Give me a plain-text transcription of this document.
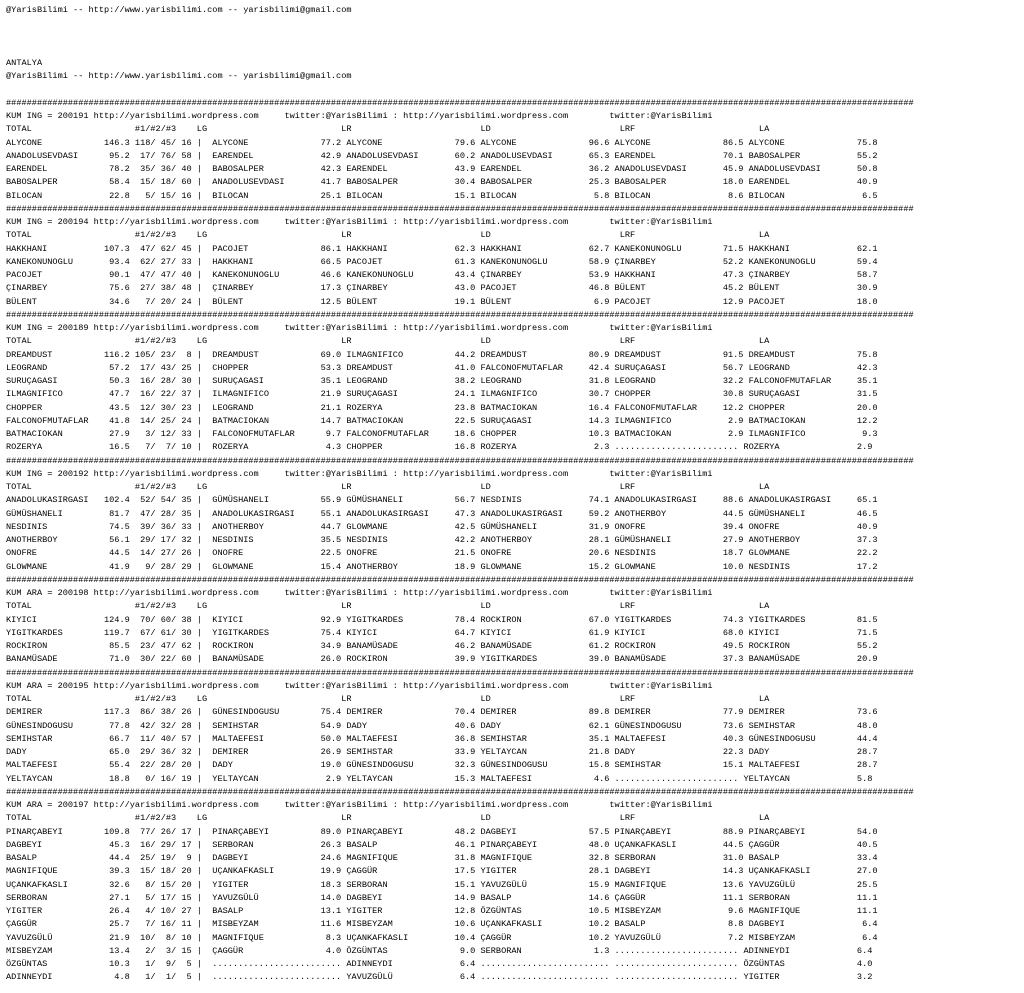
@YarisBilimi -- http://www.yarisbilimi.com -- yarisbilimi@gmail.com
ANTALYA
@YarisBilimi -- http://www.yarisbilimi.com -- yarisbilimi@gmail.com
################################################################################################################################################################################
KUM ING = 200191 http://yarisbilimi.wordpress.com     twitter:@YarisBilimi : http://yarisbilimi.wordpress.com        twitter:@YarisBilimi
TOTAL                    #1/#2/#3    LG                          LR                         LD                         LRF                        LA
ALYCONE            146.3 118/ 45/ 16 |  ALYCONE              77.2 ALYCONE              79.6 ALYCONE              96.6 ALYCONE              86.5 ALYCONE              75.8
ANADOLUSEVDASI      95.2  17/ 76/ 58 |  EARENDEL             42.9 ANADOLUSEVDASI       60.2 ANADOLUSEVDASI       65.3 EARENDEL             70.1 BABOSALPER           55.2
EARENDEL            78.2  35/ 36/ 40 |  BABOSALPER           42.3 EARENDEL             43.9 EARENDEL             36.2 ANADOLUSEVDASI       45.9 ANADOLUSEVDASI       50.8
BABOSALPER          58.4  15/ 18/ 60 |  ANADOLUSEVDASI       41.7 BABOSALPER           30.4 BABOSALPER           25.3 BABOSALPER           18.0 EARENDEL             40.9
BILOCAN             22.8   5/ 15/ 16 |  BILOCAN              25.1 BILOCAN              15.1 BILOCAN               5.8 BILOCAN               8.6 BILOCAN               6.5
################################################################################################################################################################################
KUM ING = 200194 http://yarisbilimi.wordpress.com     twitter:@YarisBilimi : http://yarisbilimi.wordpress.com        twitter:@YarisBilimi
TOTAL                    #1/#2/#3    LG                          LR                         LD                         LRF                        LA
HAKKHANI           107.3  47/ 62/ 45 |  PACOJET              86.1 HAKKHANI             62.3 HAKKHANI             62.7 KANEKONUNOGLU        71.5 HAKKHANI             62.1
KANEKONUNOGLU       93.4  62/ 27/ 33 |  HAKKHANI             66.5 PACOJET              61.3 KANEKONUNOGLU        58.9 ÇINARBEY             52.2 KANEKONUNOGLU        59.4
PACOJET             90.1  47/ 47/ 40 |  KANEKONUNOGLU        46.6 KANEKONUNOGLU        43.4 ÇINARBEY             53.9 HAKKHANI             47.3 ÇINARBEY             58.7
ÇINARBEY            75.6  27/ 38/ 48 |  ÇINARBEY             17.3 ÇINARBEY             43.0 PACOJET              46.8 BÜLENT               45.2 BÜLENT               30.9
BÜLENT              34.6   7/ 20/ 24 |  BÜLENT               12.5 BÜLENT               19.1 BÜLENT                6.9 PACOJET              12.9 PACOJET              18.0
################################################################################################################################################################################
KUM ING = 200189 http://yarisbilimi.wordpress.com     twitter:@YarisBilimi : http://yarisbilimi.wordpress.com        twitter:@YarisBilimi
TOTAL                    #1/#2/#3    LG                          LR                         LD                         LRF                        LA
DREAMDUST          116.2 105/ 23/  8 |  DREAMDUST            69.0 ILMAGNIFICO          44.2 DREAMDUST            80.9 DREAMDUST            91.5 DREAMDUST            75.8
LEOGRAND            57.2  17/ 43/ 25 |  CHOPPER              53.3 DREAMDUST            41.0 FALCONOFMUTAFLAR     42.4 SURUÇAGASI           56.7 LEOGRAND             42.3
SURUÇAGASI          50.3  16/ 28/ 30 |  SURUÇAGASI           35.1 LEOGRAND             38.2 LEOGRAND             31.8 LEOGRAND             32.2 FALCONOFMUTAFLAR     35.1
ILMAGNIFICO         47.7  16/ 22/ 37 |  ILMAGNIFICO          21.9 SURUÇAGASI           24.1 ILMAGNIFICO          30.7 CHOPPER              30.8 SURUÇAGASI           31.5
CHOPPER             43.5  12/ 30/ 23 |  LEOGRAND             21.1 ROZERYA              23.8 BATMACIOKAN          16.4 FALCONOFMUTAFLAR     12.2 CHOPPER              20.0
FALCONOFMUTAFLAR    41.8  14/ 25/ 24 |  BATMACIOKAN          14.7 BATMACIOKAN          22.5 SURUÇAGASI           14.3 ILMAGNIFICO           2.9 BATMACIOKAN          12.2
BATMACIOKAN         27.9   3/ 12/ 33 |  FALCONOFMUTAFLAR      9.7 FALCONOFMUTAFLAR     18.6 CHOPPER              10.3 BATMACIOKAN           2.9 ILMAGNIFICO           9.3
ROZERYA             16.5   7/  7/ 10 |  ROZERYA               4.3 CHOPPER              16.8 ROZERYA               2.3 ........................ ROZERYA               2.9
################################################################################################################################################################################
KUM ING = 200192 http://yarisbilimi.wordpress.com     twitter:@YarisBilimi : http://yarisbilimi.wordpress.com        twitter:@YarisBilimi
TOTAL                    #1/#2/#3    LG                          LR                         LD                         LRF                        LA
ANADOLUKASIRGASI   102.4  52/ 54/ 35 |  GÜMÜSHANELI          55.9 GÜMÜSHANELI          56.7 NESDINIS             74.1 ANADOLUKASIRGASI     88.6 ANADOLUKASIRGASI     65.1
GÜMÜSHANELI         81.7  47/ 28/ 35 |  ANADOLUKASIRGASI     55.1 ANADOLUKASIRGASI     47.3 ANADOLUKASIRGASI     59.2 ANOTHERBOY           44.5 GÜMÜSHANELI          46.5
NESDINIS            74.5  39/ 36/ 33 |  ANOTHERBOY           44.7 GLOWMANE             42.5 GÜMÜSHANELI          31.9 ONOFRE               39.4 ONOFRE               40.9
ANOTHERBOY          56.1  29/ 17/ 32 |  NESDINIS             35.5 NESDINIS             42.2 ANOTHERBOY           28.1 GÜMÜSHANELI          27.9 ANOTHERBOY           37.3
ONOFRE              44.5  14/ 27/ 26 |  ONOFRE               22.5 ONOFRE               21.5 ONOFRE               20.6 NESDINIS             18.7 GLOWMANE             22.2
GLOWMANE            41.9   9/ 28/ 29 |  GLOWMANE             15.4 ANOTHERBOY           18.9 GLOWMANE             15.2 GLOWMANE             10.0 NESDINIS             17.2
################################################################################################################################################################################
KUM ARA = 200198 http://yarisbilimi.wordpress.com     twitter:@YarisBilimi : http://yarisbilimi.wordpress.com        twitter:@YarisBilimi
TOTAL                    #1/#2/#3    LG                          LR                         LD                         LRF                        LA
KIYICI             124.9  70/ 60/ 38 |  KIYICI               92.9 YIGITKARDES          78.4 ROCKIRON             67.0 YIGITKARDES          74.3 YIGITKARDES          81.5
YIGITKARDES        119.7  67/ 61/ 30 |  YIGITKARDES          75.4 KIYICI               64.7 KIYICI               61.9 KIYICI               68.0 KIYICI               71.5
ROCKIRON            85.5  23/ 47/ 62 |  ROCKIRON             34.9 BANAMÜSADE           46.2 BANAMÜSADE           61.2 ROCKIRON             49.5 ROCKIRON             55.2
BANAMÜSADE          71.0  30/ 22/ 60 |  BANAMÜSADE           26.0 ROCKIRON             39.9 YIGITKARDES          39.0 BANAMÜSADE           37.3 BANAMÜSADE           20.9
################################################################################################################################################################################
KUM ARA = 200195 http://yarisbilimi.wordpress.com     twitter:@YarisBilimi : http://yarisbilimi.wordpress.com        twitter:@YarisBilimi
TOTAL                    #1/#2/#3    LG                          LR                         LD                         LRF                        LA
DEMIRER            117.3  86/ 38/ 26 |  GÜNESINDOGUSU        75.4 DEMIRER              70.4 DEMIRER              89.8 DEMIRER              77.9 DEMIRER              73.6
GÜNESINDOGUSU       77.8  42/ 32/ 28 |  SEMIHSTAR            54.9 DADY                 40.6 DADY                 62.1 GÜNESINDOGUSU        73.6 SEMIHSTAR            48.0
SEMIHSTAR           66.7  11/ 40/ 57 |  MALTAEFESI           50.0 MALTAEFESI           36.8 SEMIHSTAR            35.1 MALTAEFESI           40.3 GÜNESINDOGUSU        44.4
DADY                65.0  29/ 36/ 32 |  DEMIRER              26.9 SEMIHSTAR            33.9 YELTAYCAN            21.8 DADY                 22.3 DADY                 28.7
MALTAEFESI          55.4  22/ 28/ 20 |  DADY                 19.0 GÜNESINDOGUSU        32.3 GÜNESINDOGUSU        15.8 SEMIHSTAR            15.1 MALTAEFESI           28.7
YELTAYCAN           18.8   0/ 16/ 19 |  YELTAYCAN             2.9 YELTAYCAN            15.3 MALTAEFESI            4.6 ........................ YELTAYCAN             5.8
################################################################################################################################################################################
KUM ARA = 200197 http://yarisbilimi.wordpress.com     twitter:@YarisBilimi : http://yarisbilimi.wordpress.com        twitter:@YarisBilimi
TOTAL                    #1/#2/#3    LG                          LR                         LD                         LRF                        LA
PINARÇABEYI        109.8  77/ 26/ 17 |  PINARÇABEYI          89.0 PINARÇABEYI          48.2 DAGBEYI              57.5 PINARÇABEYI          88.9 PINARÇABEYI          54.0
DAGBEYI             45.3  16/ 29/ 17 |  SERBORAN             26.3 BASALP               46.1 PINARÇABEYI          48.0 UÇANKAFKASLI         44.5 ÇAGGÜR               40.5
BASALP              44.4  25/ 19/  9 |  DAGBEYI              24.6 MAGNIFIQUE           31.8 MAGNIFIQUE           32.8 SERBORAN             31.0 BASALP               33.4
MAGNIFIQUE          39.3  15/ 18/ 20 |  UÇANKAFKASLI         19.9 ÇAGGÜR               17.5 YIGITER              28.1 DAGBEYI              14.3 UÇANKAFKASLI         27.0
UÇANKAFKASLI        32.6   8/ 15/ 20 |  YIGITER              18.3 SERBORAN             15.1 YAVUZGÜLÜ            15.9 MAGNIFIQUE           13.6 YAVUZGÜLÜ            25.5
SERBORAN            27.1   5/ 17/ 15 |  YAVUZGÜLÜ            14.0 DAGBEYI              14.9 BASALP               14.6 ÇAGGÜR               11.1 SERBORAN             11.1
YIGITER             26.4   4/ 10/ 27 |  BASALP               13.1 YIGITER              12.8 ÖZGÜNTAS             10.5 MISBEYZAM             9.6 MAGNIFIQUE           11.1
ÇAGGÜR              25.7   7/ 16/ 11 |  MISBEYZAM            11.6 MISBEYZAM            10.6 UÇANKAFKASLI         10.2 BASALP                8.8 DAGBEYI               6.4
YAVUZGÜLÜ           21.9  10/  8/ 10 |  MAGNIFIQUE            8.3 UÇANKAFKASLI         10.4 ÇAGGÜR               10.2 YAVUZGÜLÜ             7.2 MISBEYZAM             6.4
MISBEYZAM           13.4   2/  3/ 15 |  ÇAGGÜR                4.0 ÖZGÜNTAS              9.0 SERBORAN              1.3 ........................ ADINNEYDI             6.4
ÖZGÜNTAS            10.3   1/  9/  5 |  ......................... ADINNEYDI             6.4 ......................... ........................ ÖZGÜNTAS              4.0
ADINNEYDI            4.8   1/  1/  5 |  ......................... YAVUZGÜLÜ             6.4 ......................... ........................ YIGITER               3.2
